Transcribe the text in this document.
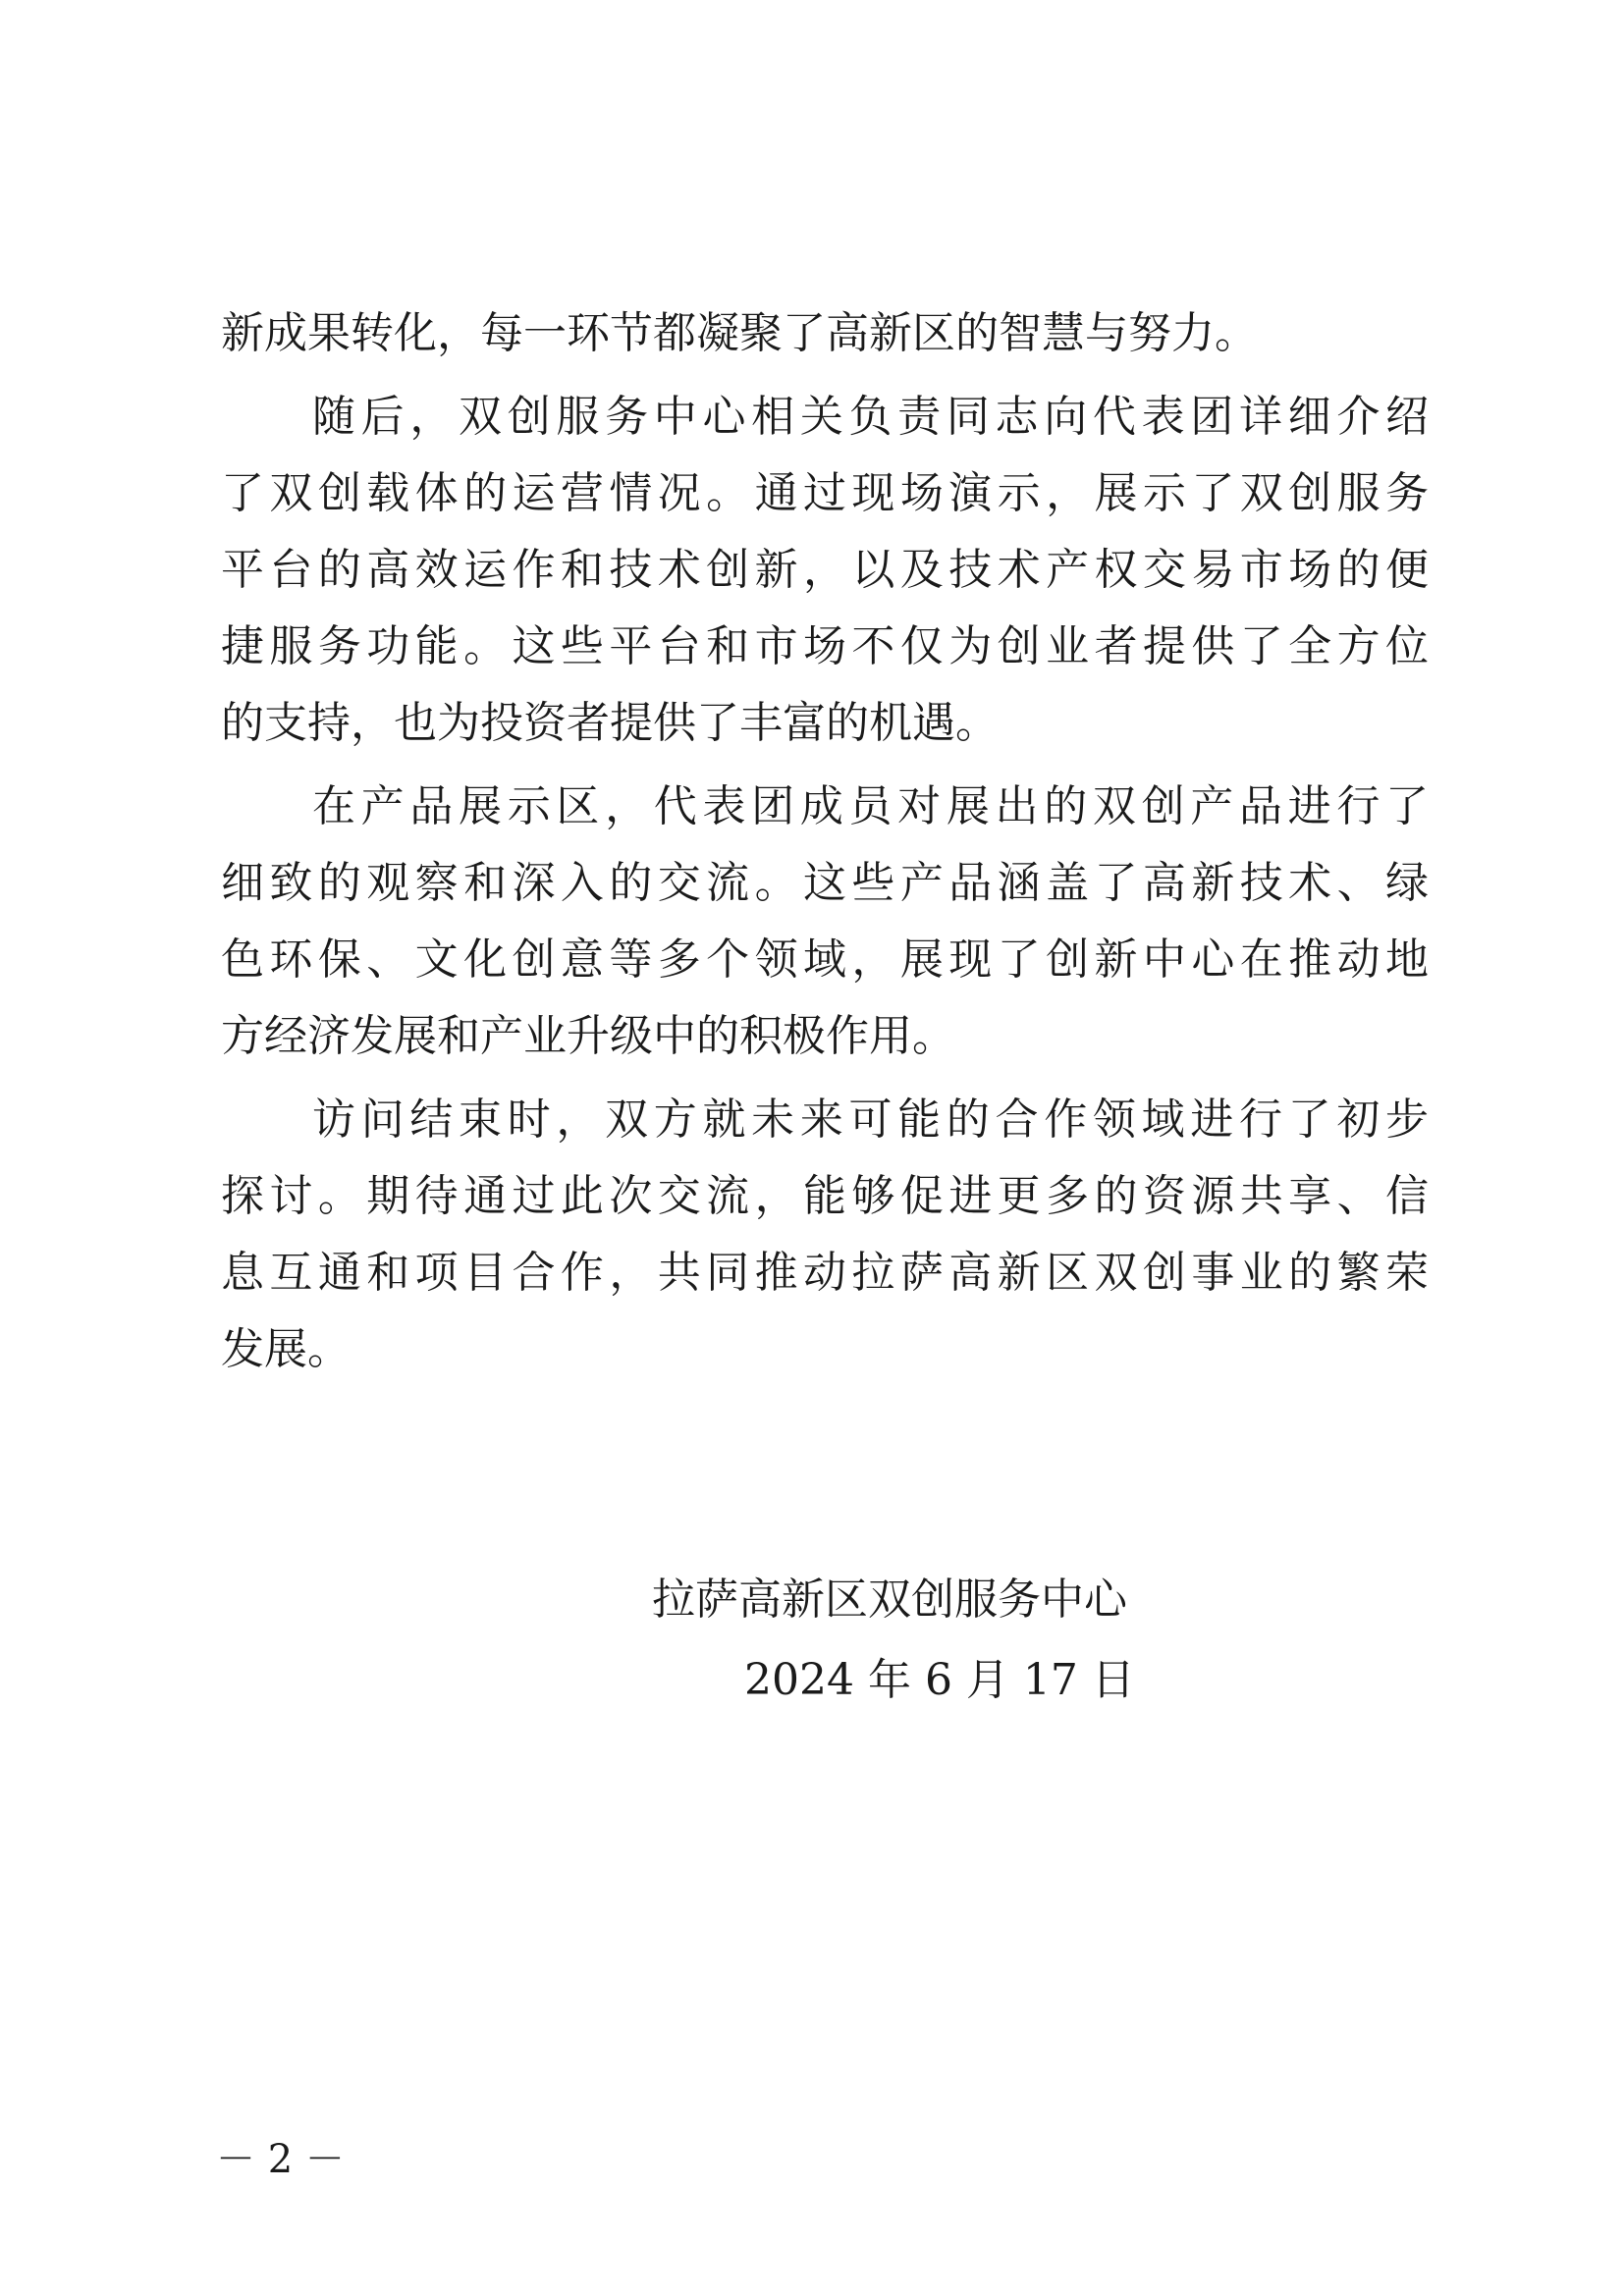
新成果转化，每一环节都凝聚了高新区的智慧与努力。
随后，双创服务中心相关负责同志向代表团详细介绍
了双创载体的运营情况。通过现场演示，展示了双创服务
平台的高效运作和技术创新，以及技术产权交易市场的便
捷服务功能。这些平台和市场不仅为创业者提供了全方位
的支持，也为投资者提供了丰富的机遇。
在产品展示区，代表团成员对展出的双创产品进行了
细致的观察和深入的交流。这些产品涵盖了高新技术、绿
色环保、文化创意等多个领域，展现了创新中心在推动地
方经济发展和产业升级中的积极作用。
访问结束时，双方就未来可能的合作领域进行了初步
探讨。期待通过此次交流，能够促进更多的资源共享、信
息互通和项目合作，共同推动拉萨高新区双创事业的繁荣
发展。
拉萨高新区双创服务中心
2024 年 6 月 17 日
－ 2 －
